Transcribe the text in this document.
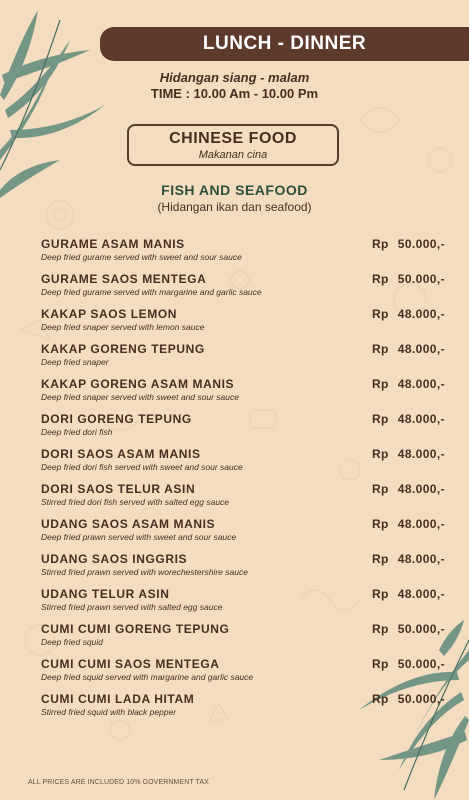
LUNCH - DINNER
Hidangan siang - malam
TIME : 10.00 Am - 10.00 Pm
CHINESE FOOD
Makanan cina
FISH AND SEAFOOD
(Hidangan ikan dan seafood)
GURAME ASAM MANIS
Deep fried gurame served with sweet and sour sauce
Rp 50.000,-
GURAME SAOS MENTEGA
Deep fried gurame served with margarine and garlic sauce
Rp 50.000,-
KAKAP SAOS LEMON
Deep fried snaper served with lemon sauce
Rp 48.000,-
KAKAP GORENG TEPUNG
Deep fried snaper
Rp 48.000,-
KAKAP GORENG ASAM MANIS
Deep fried snaper served with sweet and sour sauce
Rp 48.000,-
DORI GORENG TEPUNG
Deep fried dori fish
Rp 48.000,-
DORI SAOS ASAM MANIS
Deep fried dori fish served with sweet and sour sauce
Rp 48.000,-
DORI SAOS TELUR ASIN
Stirred fried dori fish served with salted egg sauce
Rp 48.000,-
UDANG SAOS ASAM MANIS
Deep fried prawn served with sweet and sour sauce
Rp 48.000,-
UDANG SAOS INGGRIS
Stirred fried prawn served with worechestershire sauce
Rp 48.000,-
UDANG TELUR ASIN
Stirred fried prawn served with salted egg sauce
Rp 48.000,-
CUMI CUMI GORENG TEPUNG
Deep fried squid
Rp 50.000,-
CUMI CUMI SAOS MENTEGA
Deep fried squid served with margarine and garlic sauce
Rp 50.000,-
CUMI CUMI LADA HITAM
Stirred fried squid with black pepper
Rp 50.000,-
ALL PRICES ARE INCLUDED 10% GOVERNMENT TAX
